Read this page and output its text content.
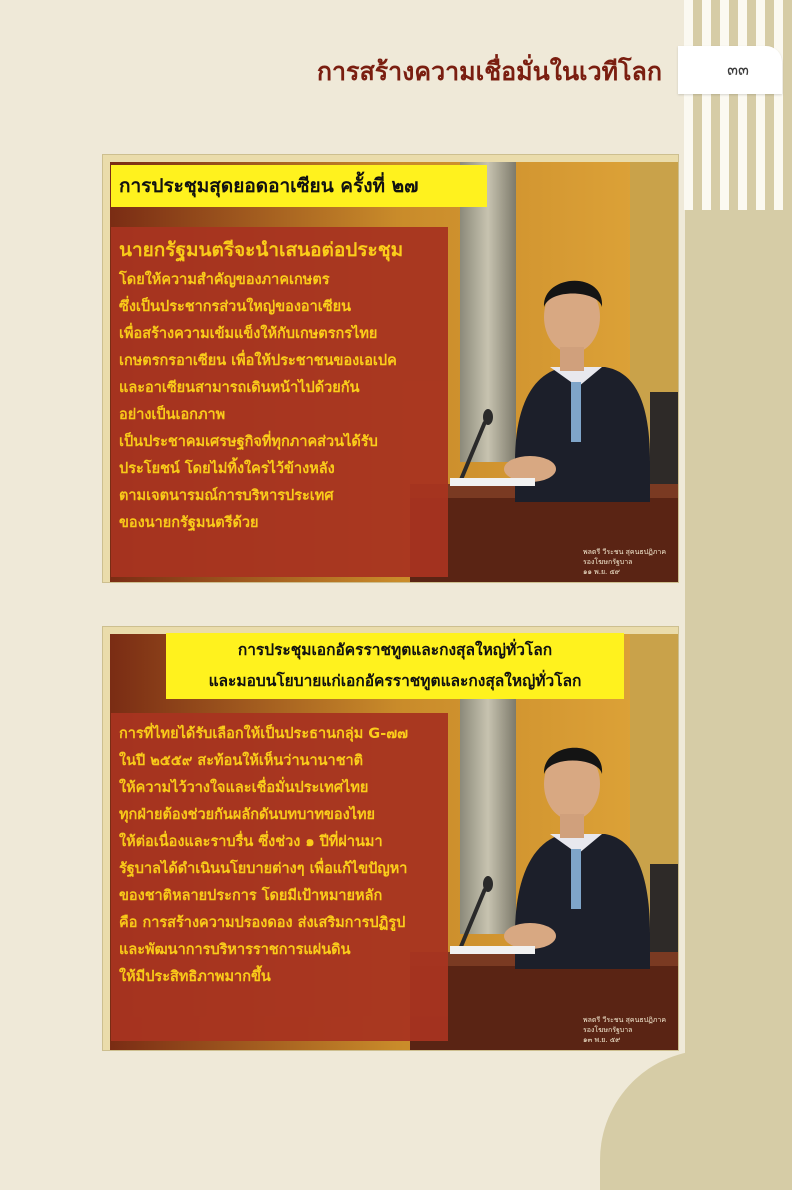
๓๓
การสร้างความเชื่อมั่นในเวทีโลก
การประชุมสุดยอดอาเซียน ครั้งที่ ๒๗
นายกรัฐมนตรีจะนำเสนอต่อประชุม
โดยให้ความสำคัญของภาคเกษตร
ซึ่งเป็นประชากรส่วนใหญ่ของอาเซียน
เพื่อสร้างความเข้มแข็งให้กับเกษตรกรไทย
เกษตรกรอาเซียน เพื่อให้ประชาชนของเอเปค
และอาเซียนสามารถเดินหน้าไปด้วยกัน
อย่างเป็นเอกภาพ
เป็นประชาคมเศรษฐกิจที่ทุกภาคส่วนได้รับ
ประโยชน์ โดยไม่ทิ้งใครไว้ข้างหลัง
ตามเจตนารมณ์การบริหารประเทศ
ของนายกรัฐมนตรีด้วย
พลตรี วีระชน สุคนธปฏิภาค
รองโฆษกรัฐบาล
๑๑ พ.ย. ๕๙
การประชุมเอกอัครราชทูตและกงสุลใหญ่ทั่วโลก
และมอบนโยบายแก่เอกอัครราชทูตและกงสุลใหญ่ทั่วโลก
การที่ไทยได้รับเลือกให้เป็นประธานกลุ่ม G-๗๗
ในปี ๒๕๕๙ สะท้อนให้เห็นว่านานาชาติ
ให้ความไว้วางใจและเชื่อมั่นประเทศไทย
ทุกฝ่ายต้องช่วยกันผลักดันบทบาทของไทย
ให้ต่อเนื่องและราบรื่น ซึ่งช่วง ๑ ปีที่ผ่านมา
รัฐบาลได้ดำเนินนโยบายต่างๆ เพื่อแก้ไขปัญหา
ของชาติหลายประการ โดยมีเป้าหมายหลัก
คือ การสร้างความปรองดอง ส่งเสริมการปฏิรูป
และพัฒนาการบริหารราชการแผ่นดิน
ให้มีประสิทธิภาพมากขึ้น
พลตรี วีระชน สุคนธปฏิภาค
รองโฆษกรัฐบาล
๑๓ พ.ย. ๕๙
